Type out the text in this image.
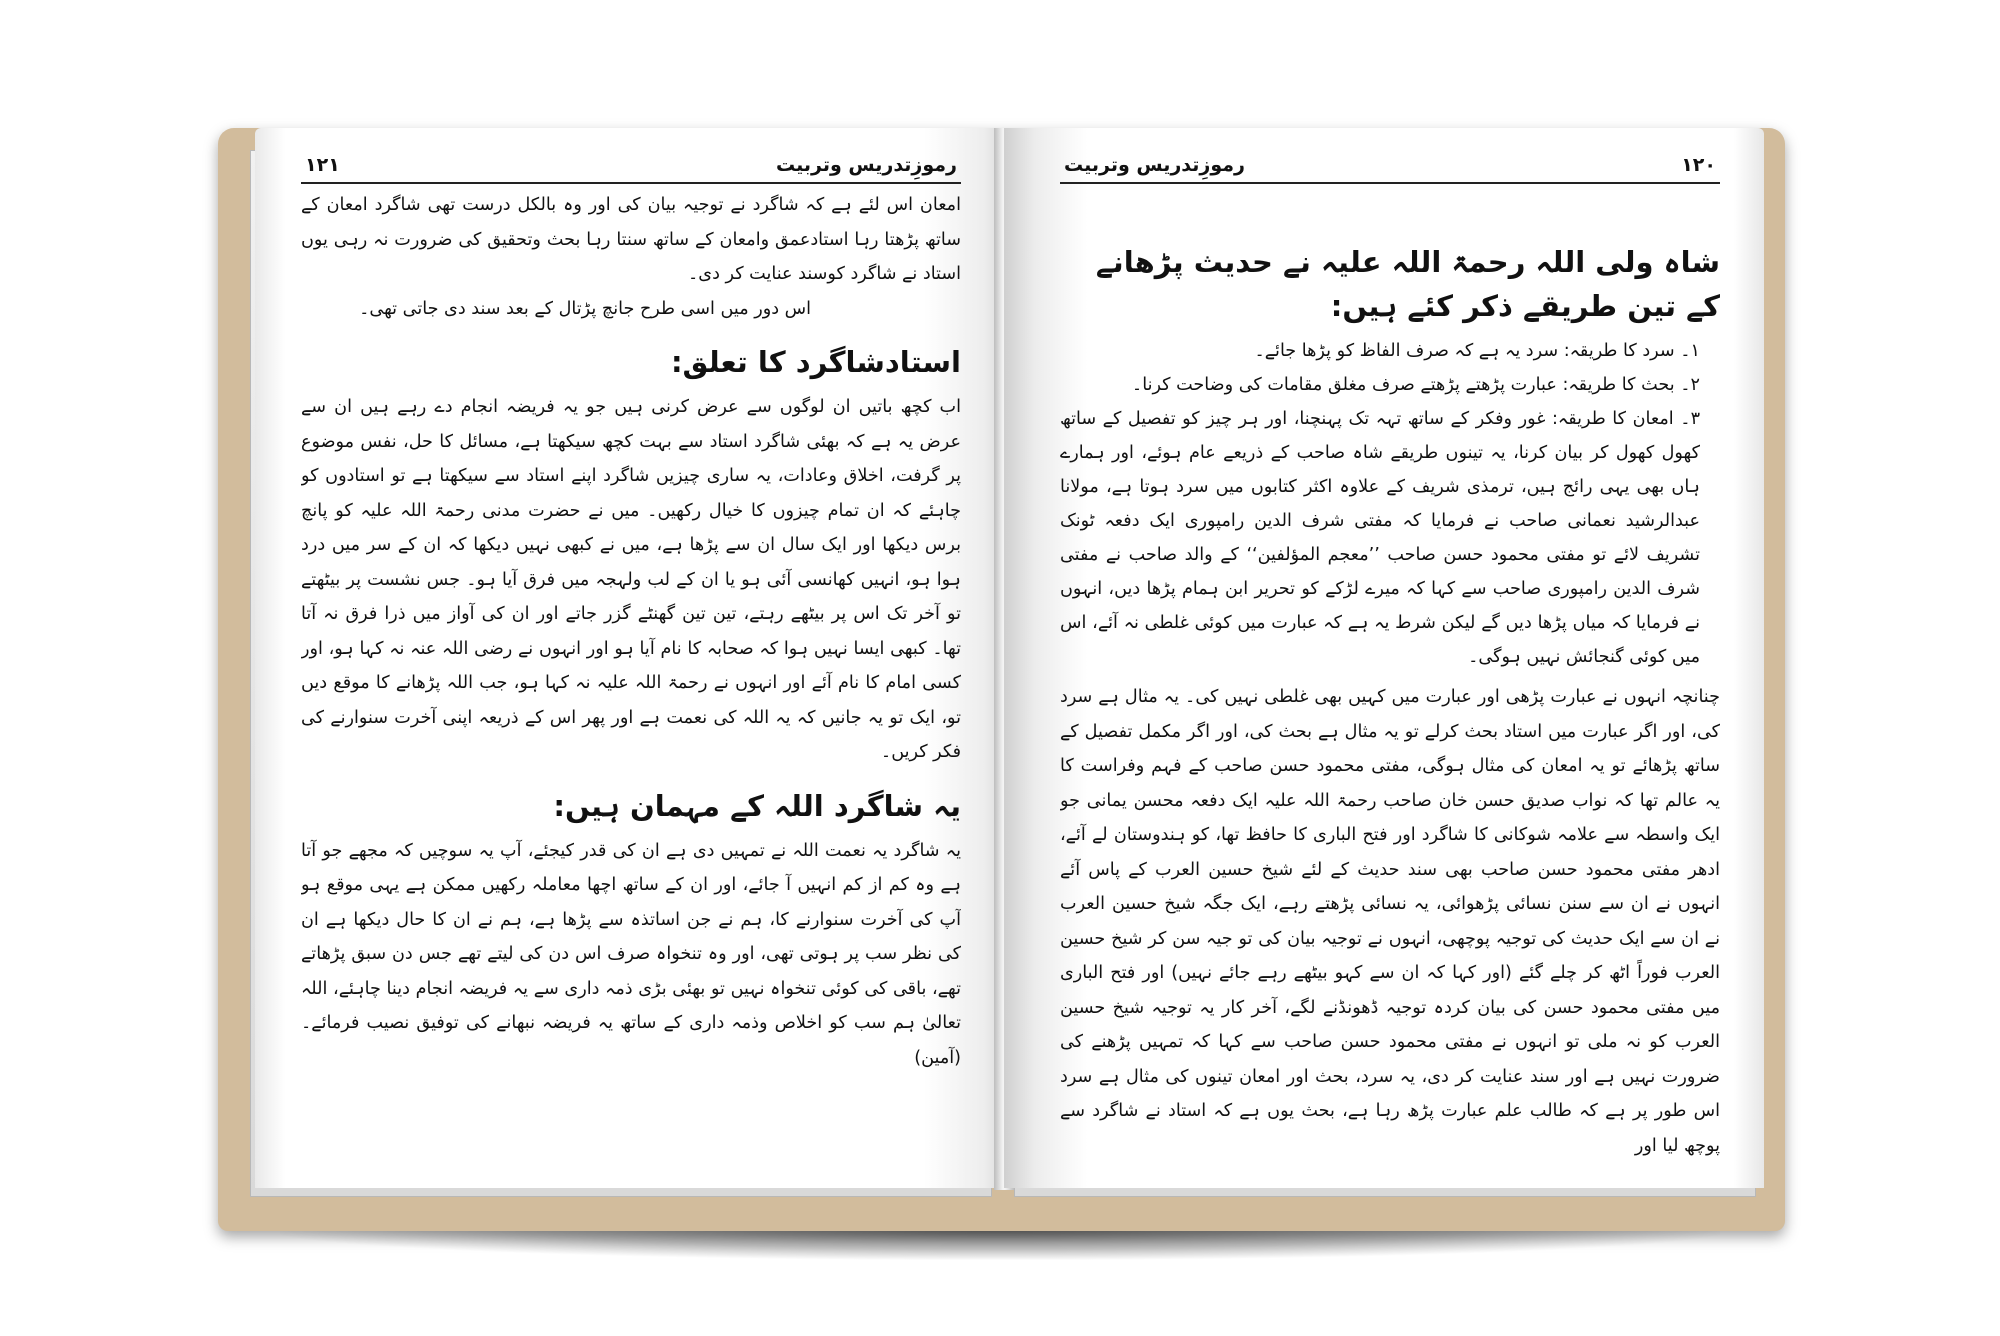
رموزِتدریس وتربیت
۱۲۱

امعان اس لئے ہے کہ شاگرد نے توجیہ بیان کی اور وہ بالکل درست تھی شاگرد امعان کے ساتھ پڑھتا رہا استادعمق وامعان کے ساتھ سنتا رہا بحث وتحقیق کی ضرورت نہ رہی یوں استاد نے شاگرد کوسند عنایت کر دی۔

اس دور میں اسی طرح جانچ پڑتال کے بعد سند دی جاتی تھی۔

استادشاگرد کا تعلق:

اب کچھ باتیں ان لوگوں سے عرض کرنی ہیں جو یہ فریضہ انجام دے رہے ہیں ان سے عرض یہ ہے کہ بھئی شاگرد استاد سے بہت کچھ سیکھتا ہے، مسائل کا حل، نفس موضوع پر گرفت، اخلاق وعادات، یہ ساری چیزیں شاگرد اپنے استاد سے سیکھتا ہے تو استادوں کو چاہئے کہ ان تمام چیزوں کا خیال رکھیں۔ میں نے حضرت مدنی رحمۃ اللہ علیہ کو پانچ برس دیکھا اور ایک سال ان سے پڑھا ہے، میں نے کبھی نہیں دیکھا کہ ان کے سر میں درد ہوا ہو، انہیں کھانسی آئی ہو یا ان کے لب ولہجہ میں فرق آیا ہو۔ جس نشست پر بیٹھتے تو آخر تک اس پر بیٹھے رہتے، تین تین گھنٹے گزر جاتے اور ان کی آواز میں ذرا فرق نہ آتا تھا۔ کبھی ایسا نہیں ہوا کہ صحابہ کا نام آیا ہو اور انہوں نے رضی اللہ عنہ نہ کہا ہو، اور کسی امام کا نام آئے اور انہوں نے رحمۃ اللہ علیہ نہ کہا ہو، جب اللہ پڑھانے کا موقع دیں تو، ایک تو یہ جانیں کہ یہ اللہ کی نعمت ہے اور پھر اس کے ذریعہ اپنی آخرت سنوارنے کی فکر کریں۔

یہ شاگرد اللہ کے مہمان ہیں:

یہ شاگرد یہ نعمت اللہ نے تمہیں دی ہے ان کی قدر کیجئے، آپ یہ سوچیں کہ مجھے جو آتا ہے وہ کم از کم انہیں آ جائے، اور ان کے ساتھ اچھا معاملہ رکھیں ممکن ہے یہی موقع ہو آپ کی آخرت سنوارنے کا، ہم نے جن اساتذہ سے پڑھا ہے، ہم نے ان کا حال دیکھا ہے ان کی نظر سب پر ہوتی تھی، اور وہ تنخواہ صرف اس دن کی لیتے تھے جس دن سبق پڑھاتے تھے، باقی کی کوئی تنخواہ نہیں تو بھئی بڑی ذمہ داری سے یہ فریضہ انجام دینا چاہئے، اللہ تعالیٰ ہم سب کو اخلاص وذمہ داری کے ساتھ یہ فریضہ نبھانے کی توفیق نصیب فرمائے۔ (آمین)

۱۲۰
رموزِتدریس وتربیت
شاہ ولی اللہ رحمۃ اللہ علیہ نے حدیث پڑھانے کے تین طریقے ذکر کئے ہیں:
۱۔ سرد کا طریقہ: سرد یہ ہے کہ صرف الفاظ کو پڑھا جائے۔
۲۔ بحث کا طریقہ: عبارت پڑھتے پڑھتے صرف مغلق مقامات کی وضاحت کرنا۔
۳۔ امعان کا طریقہ: غور وفکر کے ساتھ تہہ تک پہنچنا، اور ہر چیز کو تفصیل کے ساتھ کھول کھول کر بیان کرنا، یہ تینوں طریقے شاہ صاحب کے ذریعے عام ہوئے، اور ہمارے ہاں بھی یہی رائج ہیں، ترمذی شریف کے علاوہ اکثر کتابوں میں سرد ہوتا ہے، مولانا عبدالرشید نعمانی صاحب نے فرمایا کہ مفتی شرف الدین رامپوری ایک دفعہ ٹونک تشریف لائے تو مفتی محمود حسن صاحب ’’معجم المؤلفین‘‘ کے والد صاحب نے مفتی شرف الدین رامپوری صاحب سے کہا کہ میرے لڑکے کو تحریر ابن ہمام پڑھا دیں، انہوں نے فرمایا کہ میاں پڑھا دیں گے لیکن شرط یہ ہے کہ عبارت میں کوئی غلطی نہ آئے، اس میں کوئی گنجائش نہیں ہوگی۔

چنانچہ انہوں نے عبارت پڑھی اور عبارت میں کہیں بھی غلطی نہیں کی۔ یہ مثال ہے سرد کی، اور اگر عبارت میں استاد بحث کرلے تو یہ مثال ہے بحث کی، اور اگر مکمل تفصیل کے ساتھ پڑھائے تو یہ امعان کی مثال ہوگی، مفتی محمود حسن صاحب کے فہم وفراست کا یہ عالم تھا کہ نواب صدیق حسن خان صاحب رحمۃ اللہ علیہ ایک دفعہ محسن یمانی جو ایک واسطہ سے علامہ شوکانی کا شاگرد اور فتح الباری کا حافظ تھا، کو ہندوستان لے آئے، ادھر مفتی محمود حسن صاحب بھی سند حدیث کے لئے شیخ حسین العرب کے پاس آئے انہوں نے ان سے سنن نسائی پڑھوائی، یہ نسائی پڑھتے رہے، ایک جگہ شیخ حسین العرب نے ان سے ایک حدیث کی توجیہ پوچھی، انہوں نے توجیہ بیان کی تو جیہ سن کر شیخ حسین العرب فوراً اٹھ کر چلے گئے (اور کہا کہ ان سے کہو بیٹھے رہے جائے نہیں) اور فتح الباری میں مفتی محمود حسن کی بیان کردہ توجیہ ڈھونڈنے لگے، آخر کار یہ توجیہ شیخ حسین العرب کو نہ ملی تو انہوں نے مفتی محمود حسن صاحب سے کہا کہ تمہیں پڑھنے کی ضرورت نہیں ہے اور سند عنایت کر دی، یہ سرد، بحث اور امعان تینوں کی مثال ہے سرد اس طور پر ہے کہ طالب علم عبارت پڑھ رہا ہے، بحث یوں ہے کہ استاد نے شاگرد سے پوچھ لیا اور
